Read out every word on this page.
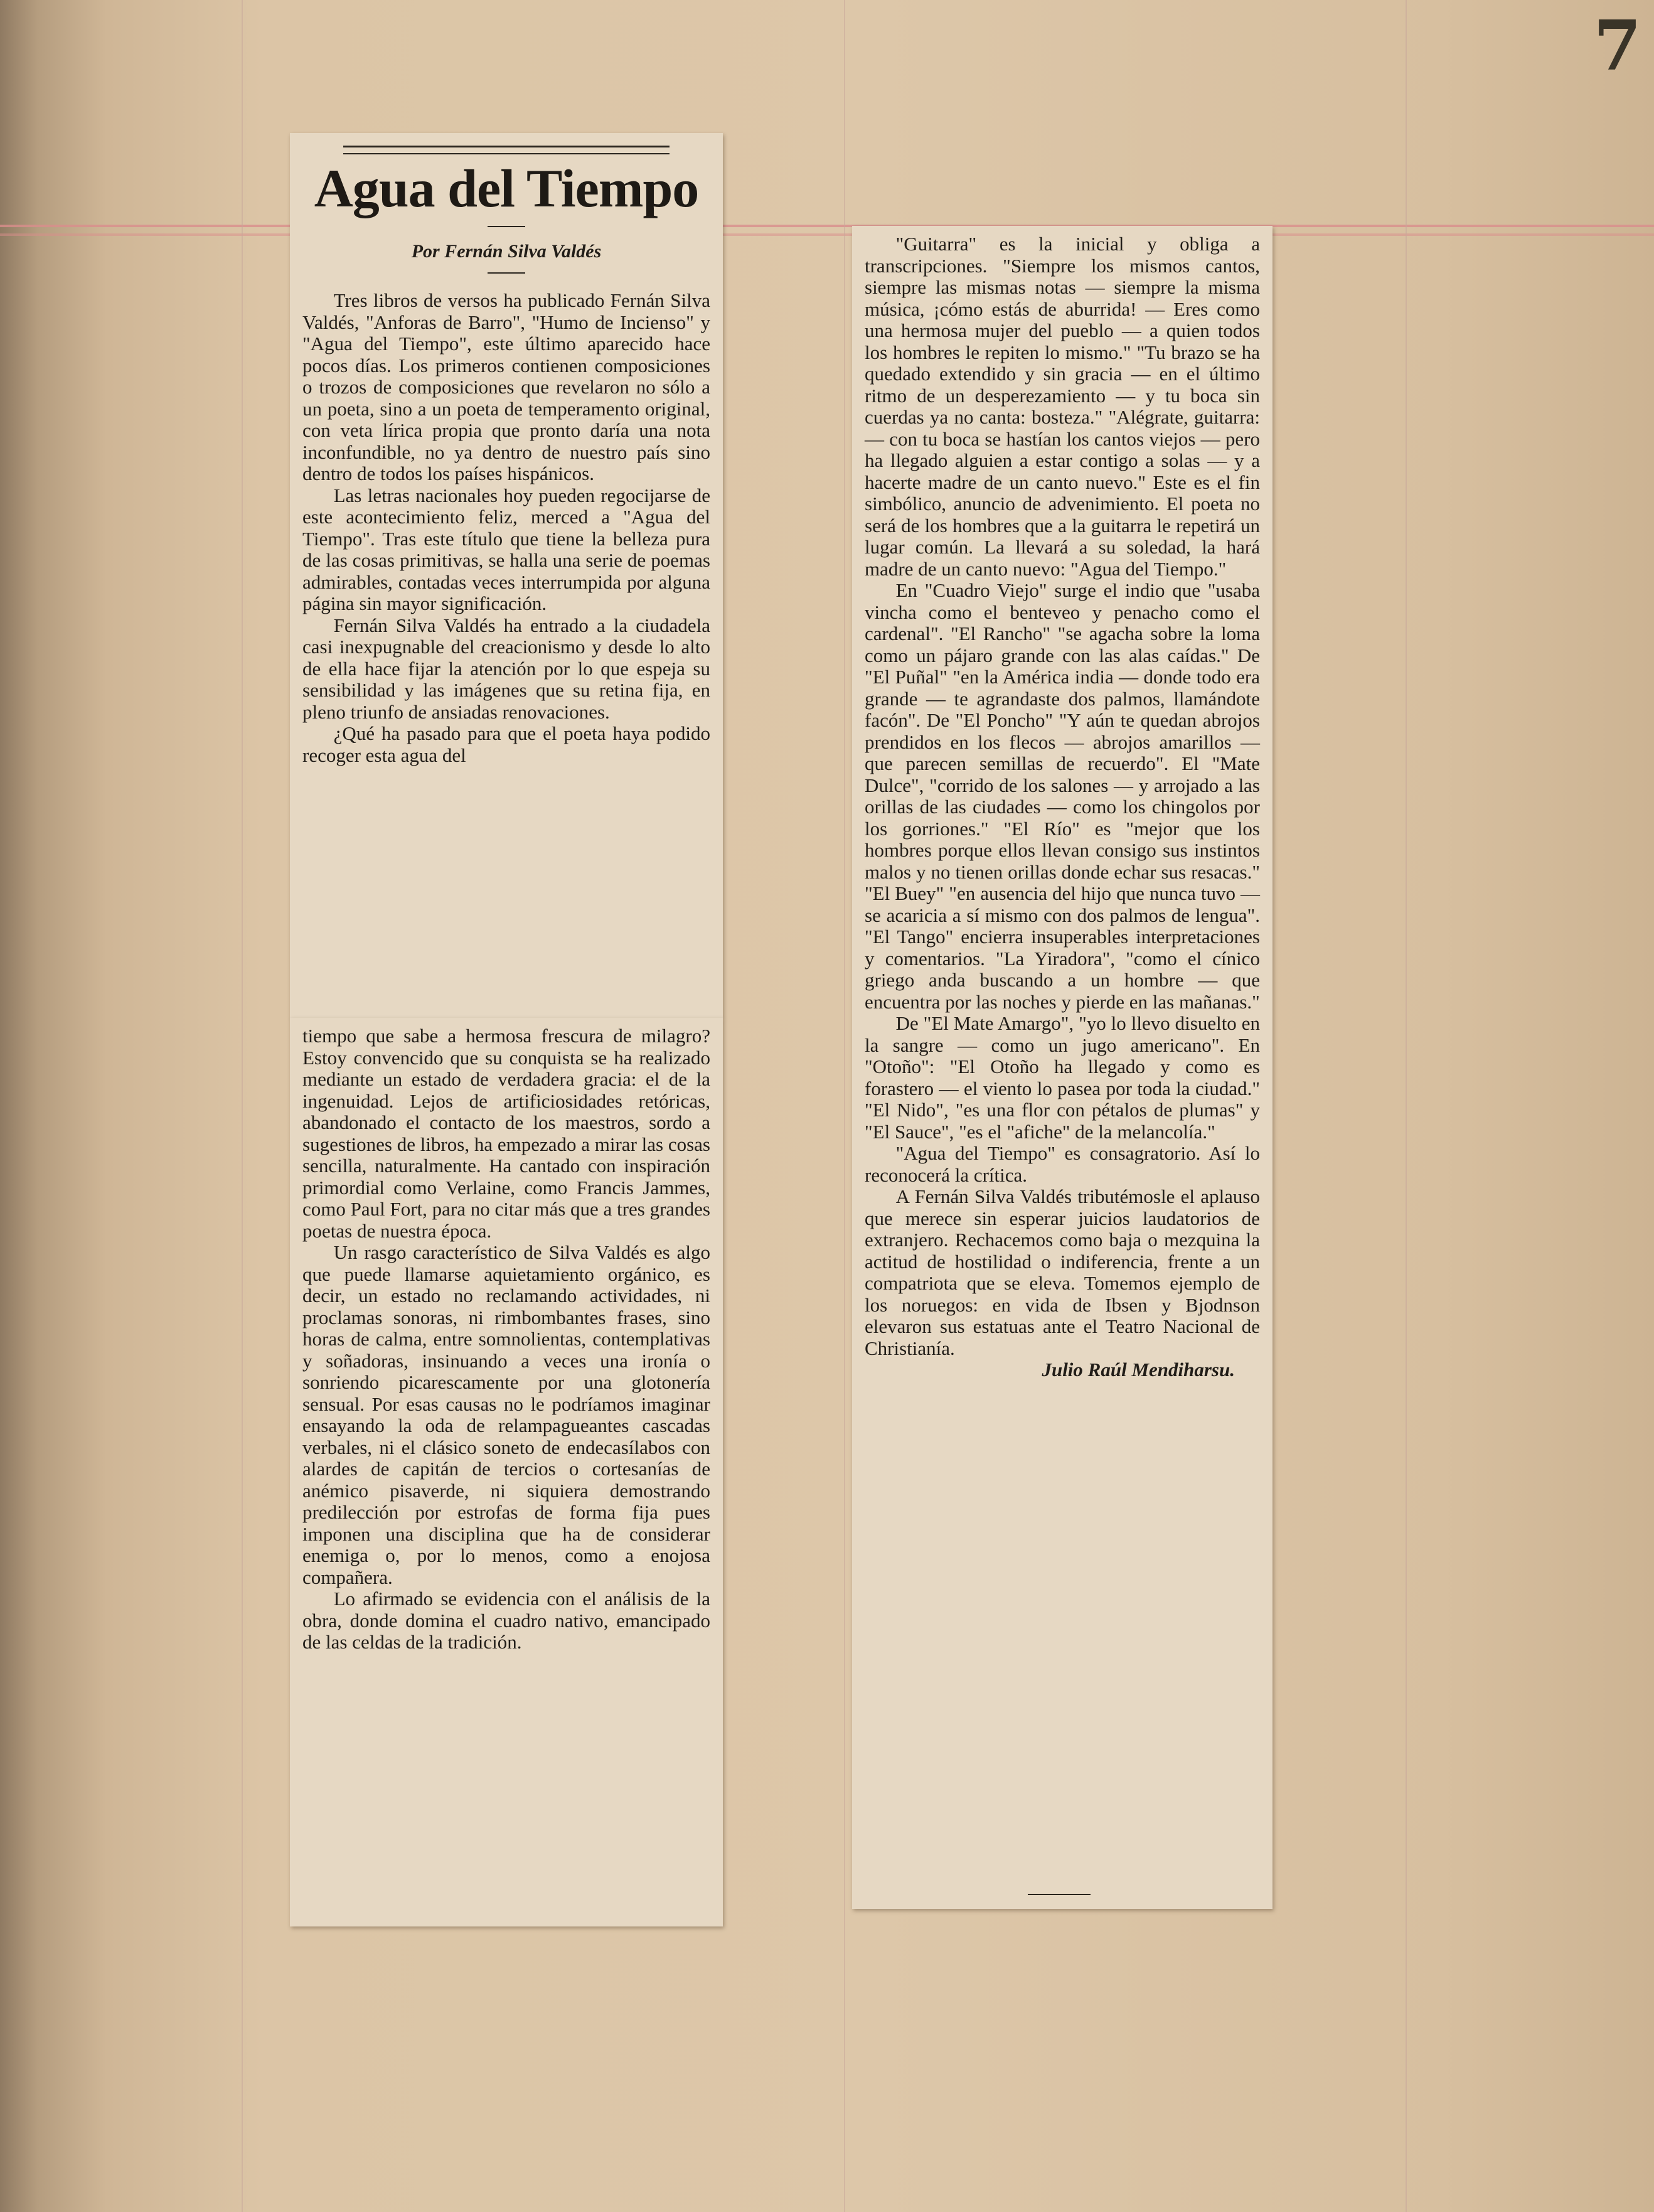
7
Agua del Tiempo

Por Fernán Silva Valdés

Tres libros de versos ha publicado Fernán Silva Valdés, "Anforas de Barro", "Humo de Incienso" y "Agua del Tiempo", este último aparecido hace pocos días. Los primeros contienen composiciones o trozos de composiciones que revelaron no sólo a un poeta, sino a un poeta de temperamento original, con veta lírica propia que pronto daría una nota inconfundible, no ya dentro de nuestro país sino dentro de todos los países hispánicos.

Las letras nacionales hoy pueden regocijarse de este acontecimiento feliz, merced a "Agua del Tiempo". Tras este título que tiene la belleza pura de las cosas primitivas, se halla una serie de poemas admirables, contadas veces interrumpida por alguna página sin mayor significación.

Fernán Silva Valdés ha entrado a la ciudadela casi inexpugnable del creacionismo y desde lo alto de ella hace fijar la atención por lo que espeja su sensibilidad y las imágenes que su retina fija, en pleno triunfo de ansiadas renovaciones.

¿Qué ha pasado para que el poeta haya podido recoger esta agua del

tiempo que sabe a hermosa frescura de milagro? Estoy convencido que su conquista se ha realizado mediante un estado de verdadera gracia: el de la ingenuidad. Lejos de artificiosidades retóricas, abandonado el contacto de los maestros, sordo a sugestiones de libros, ha empezado a mirar las cosas sencilla, naturalmente. Ha cantado con inspiración primordial como Verlaine, como Francis Jammes, como Paul Fort, para no citar más que a tres grandes poetas de nuestra época.

Un rasgo característico de Silva Valdés es algo que puede llamarse aquietamiento orgánico, es decir, un estado no reclamando actividades, ni proclamas sonoras, ni rimbombantes frases, sino horas de calma, entre somnolientas, contemplativas y soñadoras, insinuando a veces una ironía o sonriendo picarescamente por una glotonería sensual. Por esas causas no le podríamos imaginar ensayando la oda de relampagueantes cascadas verbales, ni el clásico soneto de endecasílabos con alardes de capitán de tercios o cortesanías de anémico pisaverde, ni siquiera demostrando predilección por estrofas de forma fija pues imponen una disciplina que ha de considerar enemiga o, por lo menos, como a enojosa compañera.

Lo afirmado se evidencia con el análisis de la obra, donde domina el cuadro nativo, emancipado de las celdas de la tradición.

"Guitarra" es la inicial y obliga a transcripciones. "Siempre los mismos cantos, siempre las mismas notas — siempre la misma música, ¡cómo estás de aburrida! — Eres como una hermosa mujer del pueblo — a quien todos los hombres le repiten lo mismo." "Tu brazo se ha quedado extendido y sin gracia — en el último ritmo de un desperezamiento — y tu boca sin cuerdas ya no canta: bosteza." "Alégrate, guitarra: — con tu boca se hastían los cantos viejos — pero ha llegado alguien a estar contigo a solas — y a hacerte madre de un canto nuevo." Este es el fin simbólico, anuncio de advenimiento. El poeta no será de los hombres que a la guitarra le repetirá un lugar común. La llevará a su soledad, la hará madre de un canto nuevo: "Agua del Tiempo."

En "Cuadro Viejo" surge el indio que "usaba vincha como el benteveo y penacho como el cardenal". "El Rancho" "se agacha sobre la loma como un pájaro grande con las alas caídas." De "El Puñal" "en la América india — donde todo era grande — te agrandaste dos palmos, llamándote facón". De "El Poncho" "Y aún te quedan abrojos prendidos en los flecos — abrojos amarillos — que parecen semillas de recuerdo". El "Mate Dulce", "corrido de los salones — y arrojado a las orillas de las ciudades — como los chingolos por los gorriones." "El Río" es "mejor que los hombres porque ellos llevan consigo sus instintos malos y no tienen orillas donde echar sus resacas." "El Buey" "en ausencia del hijo que nunca tuvo — se acaricia a sí mismo con dos palmos de lengua". "El Tango" encierra insuperables interpretaciones y comentarios. "La Yiradora", "como el cínico griego anda buscando a un hombre — que encuentra por las noches y pierde en las mañanas."

De "El Mate Amargo", "yo lo llevo disuelto en la sangre — como un jugo americano". En "Otoño": "El Otoño ha llegado y como es forastero — el viento lo pasea por toda la ciudad." "El Nido", "es una flor con pétalos de plumas" y "El Sauce", "es el "afiche" de la melancolía."

"Agua del Tiempo" es consagratorio. Así lo reconocerá la crítica.

A Fernán Silva Valdés tributémosle el aplauso que merece sin esperar juicios laudatorios de extranjero. Rechacemos como baja o mezquina la actitud de hostilidad o indiferencia, frente a un compatriota que se eleva. Tomemos ejemplo de los noruegos: en vida de Ibsen y Bjodnson elevaron sus estatuas ante el Teatro Nacional de Christianía.

Julio Raúl Mendiharsu.
